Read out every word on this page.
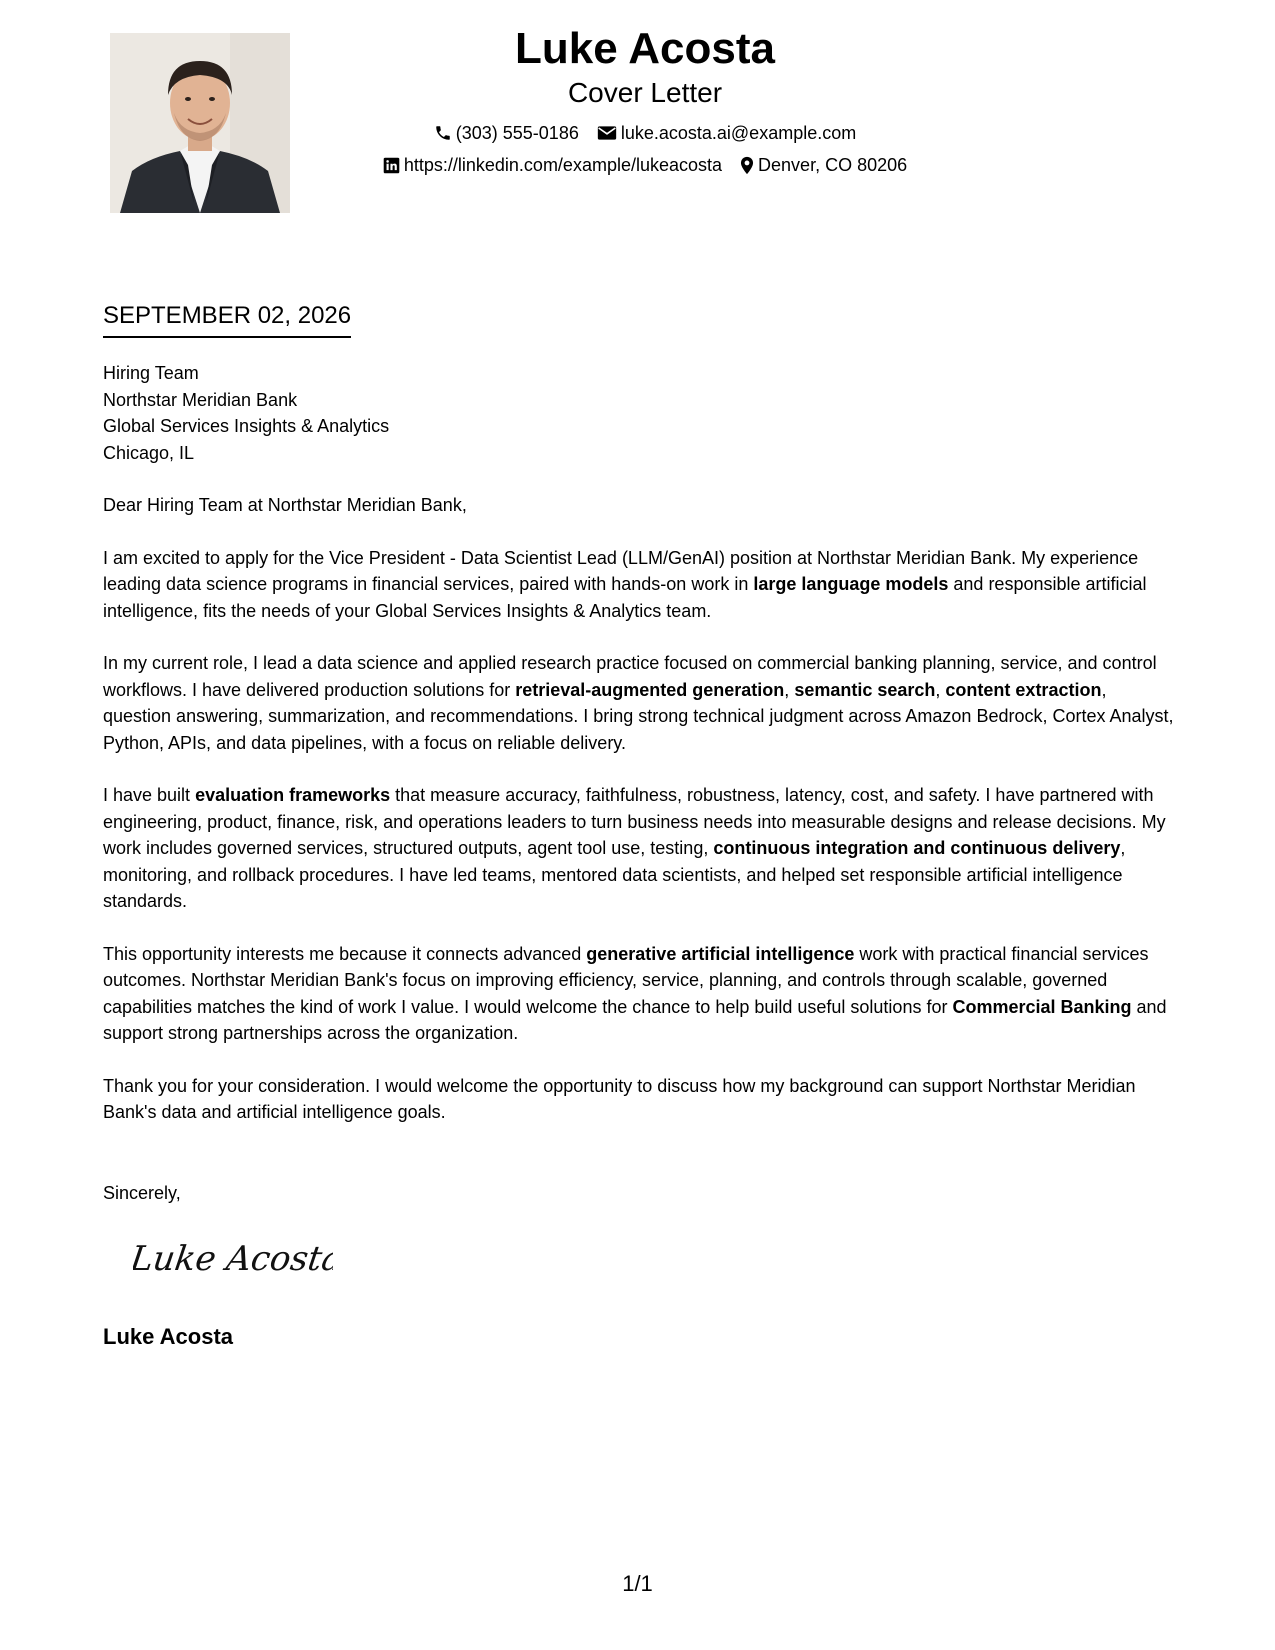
Luke Acosta
Cover Letter
(303) 555-0186 luke.acosta.ai@example.com
https://linkedin.com/example/lukeacosta Denver, CO 80206
SEPTEMBER 02, 2026
Hiring Team
Northstar Meridian Bank
Global Services Insights & Analytics
Chicago, IL

Dear Hiring Team at Northstar Meridian Bank,

I am excited to apply for the Vice President - Data Scientist Lead (LLM/GenAI) position at Northstar Meridian Bank. My experience leading data science programs in financial services, paired with hands-on work in large language models and responsible artificial intelligence, fits the needs of your Global Services Insights & Analytics team.

In my current role, I lead a data science and applied research practice focused on commercial banking planning, service, and control workflows. I have delivered production solutions for retrieval-augmented generation, semantic search, content extraction, question answering, summarization, and recommendations. I bring strong technical judgment across Amazon Bedrock, Cortex Analyst, Python, APIs, and data pipelines, with a focus on reliable delivery.

I have built evaluation frameworks that measure accuracy, faithfulness, robustness, latency, cost, and safety. I have partnered with engineering, product, finance, risk, and operations leaders to turn business needs into measurable designs and release decisions. My work includes governed services, structured outputs, agent tool use, testing, continuous integration and continuous delivery, monitoring, and rollback procedures. I have led teams, mentored data scientists, and helped set responsible artificial intelligence standards.

This opportunity interests me because it connects advanced generative artificial intelligence work with practical financial services outcomes. Northstar Meridian Bank's focus on improving efficiency, service, planning, and controls through scalable, governed capabilities matches the kind of work I value. I would welcome the chance to help build useful solutions for Commercial Banking and support strong partnerships across the organization.

Thank you for your consideration. I would welcome the opportunity to discuss how my background can support Northstar Meridian Bank's data and artificial intelligence goals.

Sincerely,
Luke Acosta
Luke Acosta
1/1
